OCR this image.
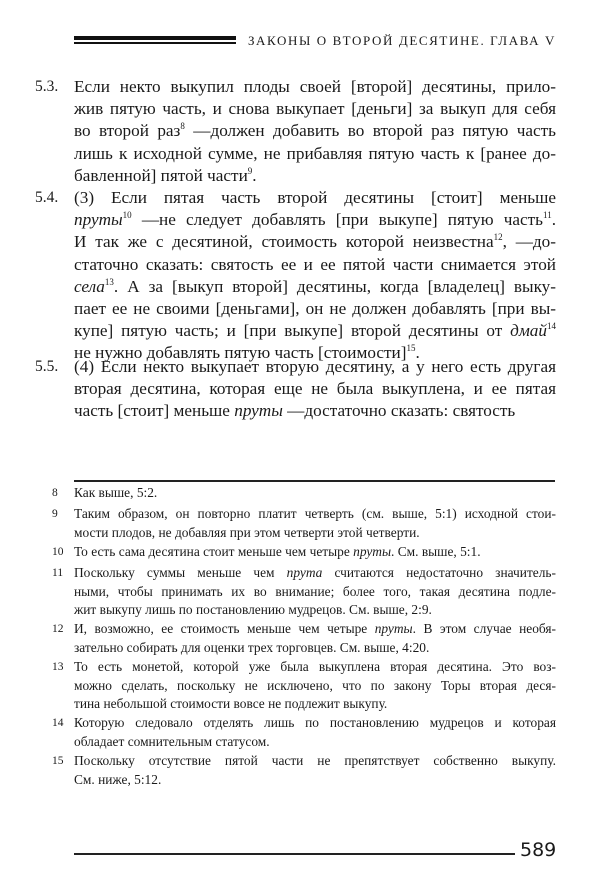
ЗАКОНЫ О ВТОРОЙ ДЕСЯТИНЕ. ГЛАВА V
5.3. Если некто выкупил плоды своей [второй] десятины, прило-
жив пятую часть, и снова выкупает [деньги] за выкуп для себя
во второй раз$^8$ —должен добавить во второй раз пятую часть
лишь к исходной сумме, не прибавляя пятую часть к [ранее до-
бавленной] пятой части$^9$.
5.4. (3) Если пятая часть второй десятины [стоит] меньше
пруты$^{10}$ —не следует добавлять [при выкупе] пятую часть$^{11}$.
И так же с десятиной, стоимость которой неизвестна$^{12}$, —до-
статочно сказать: святость ее и ее пятой части снимается этой
села$^{13}$. А за [выкуп второй] десятины, когда [владелец] выку-
пает ее не своими [деньгами], он не должен добавлять [при вы-
купе] пятую часть; и [при выкупе] второй десятины от дмай$^{14}$
не нужно добавлять пятую часть [стоимости]$^{15}$.
5.5. (4) Если некто выкупает вторую десятину, а у него есть другая
вторая десятина, которая еще не была выкуплена, и ее пятая
часть [стоит] меньше пруты —достаточно сказать: святость
8 Как выше, 5:2.
9 Таким образом, он повторно платит четверть (см. выше, 5:1) исходной стои-
мости плодов, не добавляя при этом четверти этой четверти.
10 То есть сама десятина стоит меньше чем четыре пруты. См. выше, 5:1.
11 Поскольку суммы меньше чем прута считаются недостаточно значитель-
ными, чтобы принимать их во внимание; более того, такая десятина подле-
жит выкупу лишь по постановлению мудрецов. См. выше, 2:9.
12 И, возможно, ее стоимость меньше чем четыре пруты. В этом случае необя-
зательно собирать для оценки трех торговцев. См. выше, 4:20.
13 То есть монетой, которой уже была выкуплена вторая десятина. Это воз-
можно сделать, поскольку не исключено, что по закону Торы вторая деся-
тина небольшой стоимости вовсе не подлежит выкупу.
14 Которую следовало отделять лишь по постановлению мудрецов и которая
обладает сомнительным статусом.
15 Поскольку отсутствие пятой части не препятствует собственно выкупу.
См. ниже, 5:12.
589
